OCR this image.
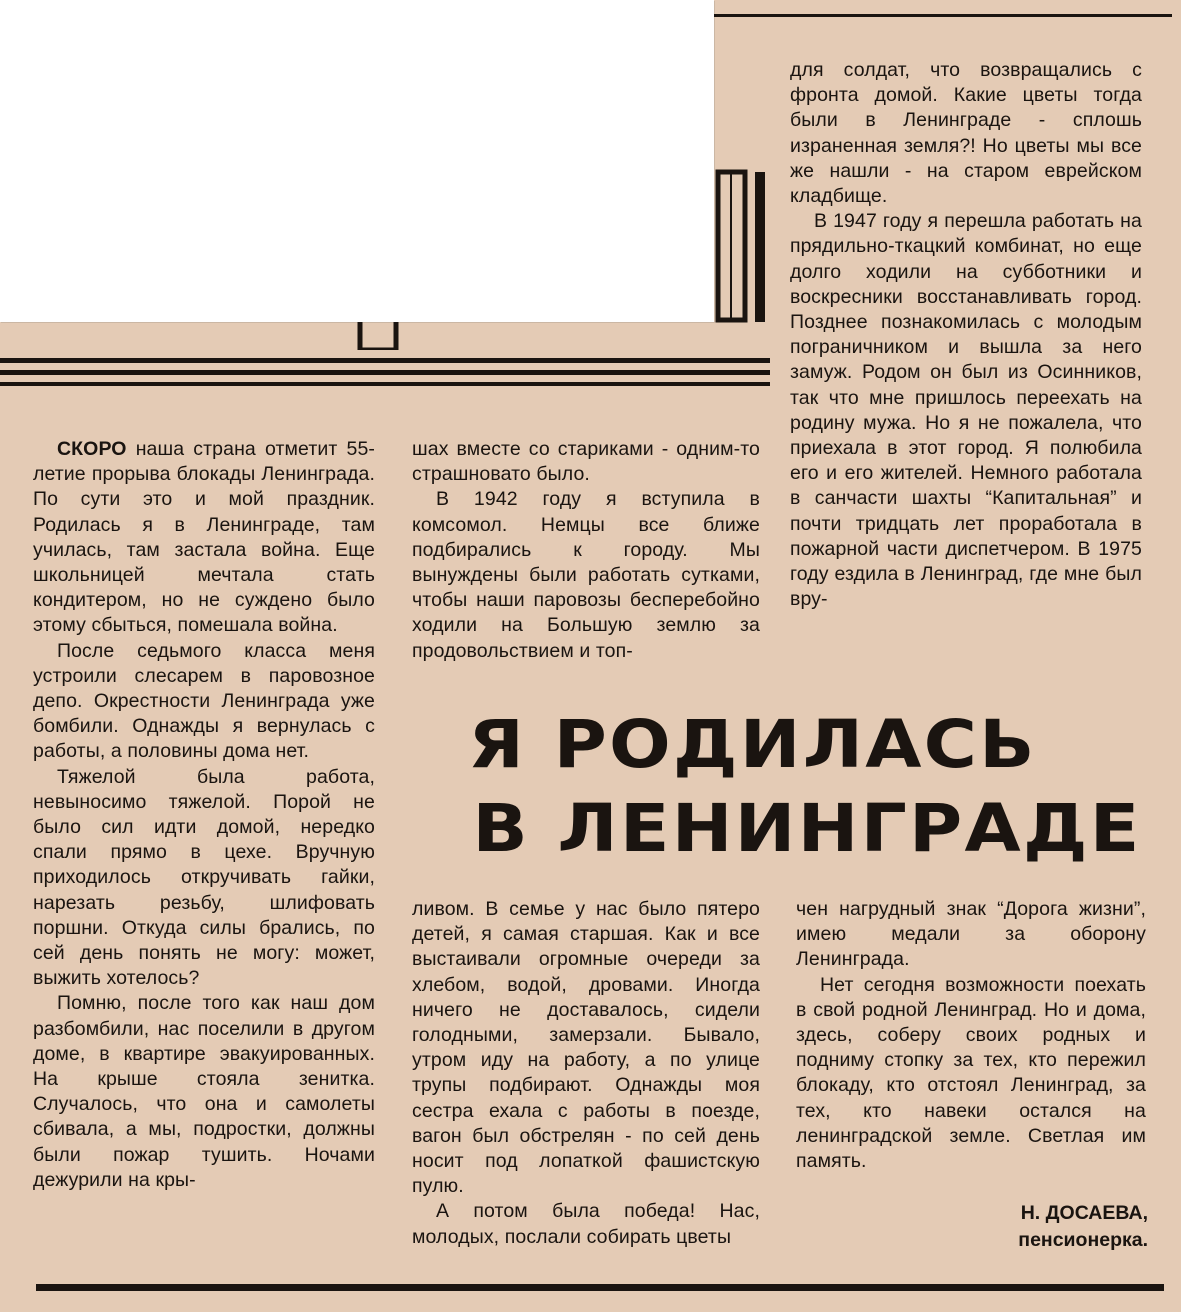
СКОРО наша страна отметит 55-летие прорыва блокады Ленинграда. По сути это и мой праздник. Родилась я в Ленинграде, там училась, там застала война. Еще школьницей мечтала стать кондитером, но не суждено было этому сбыться, помешала война.

После седьмого класса меня устроили слесарем в паровозное депо. Окрестности Ленинграда уже бомбили. Однажды я вернулась с работы, а половины дома нет.

Тяжелой была работа, невыносимо тяжелой. Порой не было сил идти домой, нередко спали прямо в цехе. Вручную приходилось откручивать гайки, нарезать резьбу, шлифовать поршни. Откуда силы брались, по сей день понять не могу: может, выжить хотелось?

Помню, после того как наш дом разбомбили, нас поселили в другом доме, в квартире эвакуированных. На крыше стояла зенитка. Случалось, что она и самолеты сбивала, а мы, подростки, должны были пожар тушить. Ночами дежурили на кры-

шах вместе со стариками - одним-то страшновато было.

В 1942 году я вступила в комсомол. Немцы все ближе подбирались к городу. Мы вынуждены были работать сутками, чтобы наши паровозы бесперебойно ходили на Большую землю за продовольствием и топ-

для солдат, что возвращались с фронта домой. Какие цветы тогда были в Ленинграде - сплошь израненная земля?! Но цветы мы все же нашли - на старом еврейском кладбище.

В 1947 году я перешла работать на прядильно-ткацкий комбинат, но еще долго ходили на субботники и воскресники восстанавливать город. Позднее познакомилась с молодым пограничником и вышла за него замуж. Родом он был из Осинников, так что мне пришлось переехать на родину мужа. Но я не пожалела, что приехала в этот город. Я полюбила его и его жителей. Немного работала в санчасти шахты “Капитальная” и почти тридцать лет проработала в пожарной части диспетчером. В 1975 году ездила в Ленинград, где мне был вру-

Я РОДИЛАСЬ
В ЛЕНИНГРАДЕ

ливом. В семье у нас было пятеро детей, я самая старшая. Как и все выстаивали огромные очереди за хлебом, водой, дровами. Иногда ничего не доставалось, сидели голодными, замерзали. Бывало, утром иду на работу, а по улице трупы подбирают. Однажды моя сестра ехала с работы в поезде, вагон был обстрелян - по сей день носит под лопаткой фашистскую пулю.

А потом была победа! Нас, молодых, послали собирать цветы

чен нагрудный знак “Дорога жизни”, имею медали за оборону Ленинграда.

Нет сегодня возможности поехать в свой родной Ленинград. Но и дома, здесь, соберу своих родных и подниму стопку за тех, кто пережил блокаду, кто отстоял Ленинград, за тех, кто навеки остался на ленинградской земле. Светлая им память.

Н. ДОСАЕВА,
пенсионерка.
